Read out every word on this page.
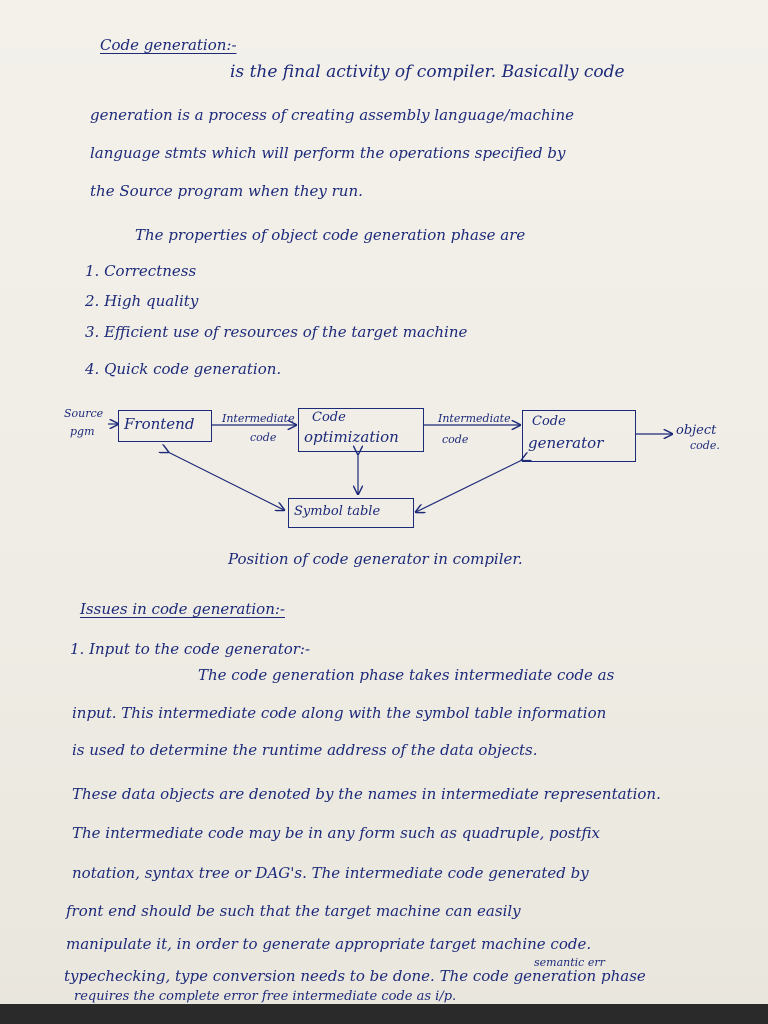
Code generation:-
is the final activity of compiler. Basically code
generation is a process of creating assembly language/machine
language stmts which will perform the operations specified by
the Source program when they run.
The properties of object code generation phase are
1. Correctness
2. High quality
3. Efficient use of resources of the target machine
4. Quick code generation.
Source
pgm Frontend	Intermediate
code
Code
optimization
Intermediate
code
Code
generator
object
code.
Symbol table
Position of code generator in compiler.
Issues in code generation:-
1. Input to the code generator:-
The code generation phase takes intermediate code as
input. This intermediate code along with the symbol table information
is used to determine the runtime address of the data objects.
These data objects are denoted by the names in intermediate representation.
The intermediate code may be in any form such as quadruple, postfix
notation, syntax tree or DAG's. The intermediate code generated by
front end should be such that the target machine can easily
manipulate it, in order to generate appropriate target machine code.
semantic err
typechecking, type conversion needs to be done. The code generation phase
requires the complete error free intermediate code as i/p.
